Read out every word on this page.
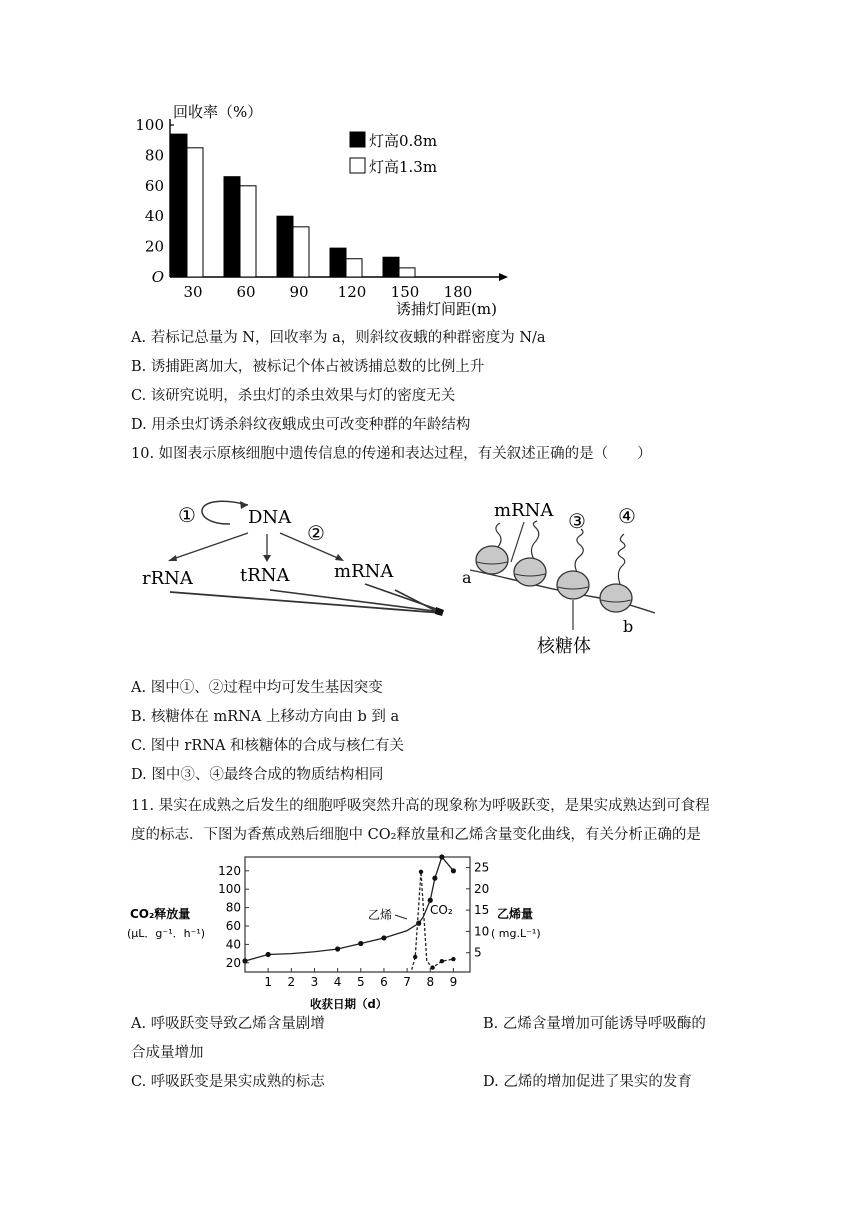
100
80
60
40
20
O
30 60 90 120 150 180
回收率（%）
诱捕灯间距(m)
灯高0.8m
灯高1.3m
A. 若标记总量为 N，回收率为 a，则斜纹夜蛾的种群密度为 N/a
B. 诱捕距离加大，被标记个体占被诱捕总数的比例上升
C. 该研究说明，杀虫灯的杀虫效果与灯的密度无关
D. 用杀虫灯诱杀斜纹夜蛾成虫可改变种群的年龄结构
10. 如图表示原核细胞中遗传信息的传递和表达过程，有关叙述正确的是（　　）
①	DNA
②
rRNA	tRNA mRNA
mRNA ③ ④
a
b
核糖体
A. 图中①、②过程中均可发生基因突变
B. 核糖体在 mRNA 上移动方向由 b 到 a
C. 图中 rRNA 和核糖体的合成与核仁有关
D. 图中③、④最终合成的物质结构相同
11. 果实在成熟之后发生的细胞呼吸突然升高的现象称为呼吸跃变，是果实成熟达到可食程
度的标志．下图为香蕉成熟后细胞中 CO₂释放量和乙烯含量变化曲线，有关分析正确的是
120
100
80
60
40
20
25
20
15
10
5
1 2 3 4 5 6 7 8 9
CO₂释放量
(μL．g⁻¹．h⁻¹)
乙烯量
( mg.L⁻¹)
收获日期（d）
乙烯	CO₂
A. 呼吸跃变导致乙烯含量剧增	B. 乙烯含量增加可能诱导呼吸酶的
合成量增加
C. 呼吸跃变是果实成熟的标志	D. 乙烯的增加促进了果实的发育
